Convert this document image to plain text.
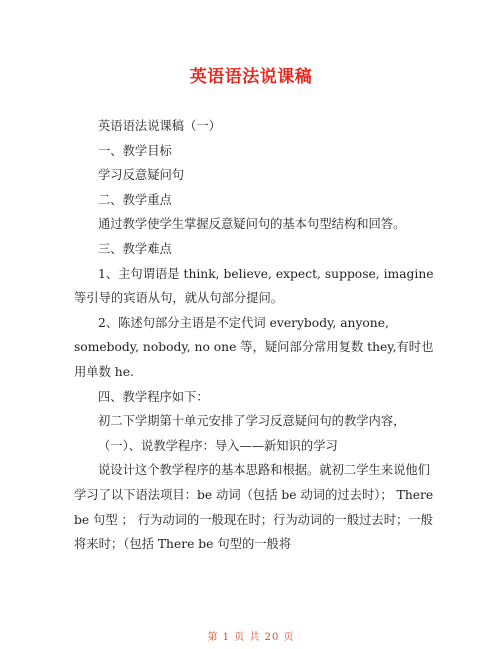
英语语法说课稿

英语语法说课稿（一）

一、教学目标

学习反意疑问句

二、教学重点

通过教学使学生掌握反意疑问句的基本句型结构和回答。

三、教学难点

1、主句谓语是 think, believe, expect, suppose, imagine 等引导的宾语从句，就从句部分提问。

2、陈述句部分主语是不定代词 everybody, anyone, somebody, nobody, no one 等，疑问部分常用复数 they,有时也用单数 he.

四、教学程序如下：

初二下学期第十单元安排了学习反意疑问句的教学内容，

（一）、说教学程序：导入——新知识的学习

说设计这个教学程序的基本思路和根据。就初二学生来说他们学习了以下语法项目：be 动词（包括 be 动词的过去时）； There be 句型 ； 行为动词的一般现在时；行为动词的一般过去时；一般将来时；（包括 There be 句型的一般将

第 1 页 共 20 页
